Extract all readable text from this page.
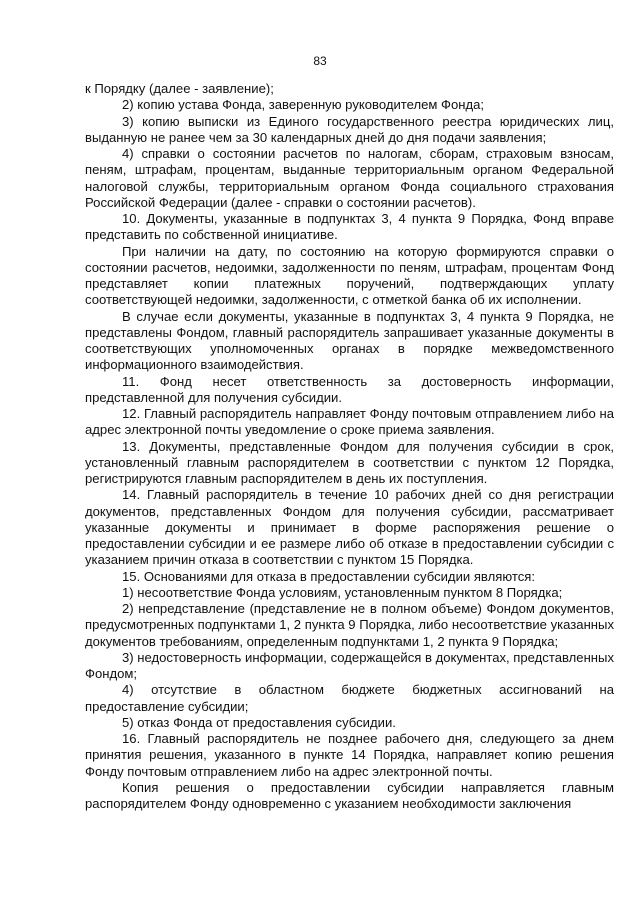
83

к Порядку (далее - заявление);

2) копию устава Фонда, заверенную руководителем Фонда;

3) копию выписки из Единого государственного реестра юридических лиц, выданную не ранее чем за 30 календарных дней до дня подачи заявления;

4) справки о состоянии расчетов по налогам, сборам, страховым взносам, пеням, штрафам, процентам, выданные территориальным органом Федеральной налоговой службы, территориальным органом Фонда социального страхования Российской Федерации (далее - справки о состоянии расчетов).

10. Документы, указанные в подпунктах 3, 4 пункта 9 Порядка, Фонд вправе представить по собственной инициативе.

При наличии на дату, по состоянию на которую формируются справки о состоянии расчетов, недоимки, задолженности по пеням, штрафам, процентам Фонд представляет копии платежных поручений, подтверждающих уплату соответствующей недоимки, задолженности, с отметкой банка об их исполнении.

В случае если документы, указанные в подпунктах 3, 4 пункта 9 Порядка, не представлены Фондом, главный распорядитель запрашивает указанные документы в соответствующих уполномоченных органах в порядке межведомственного информационного взаимодействия.

11. Фонд несет ответственность за достоверность информации, представленной для получения субсидии.

12. Главный распорядитель направляет Фонду почтовым отправлением либо на адрес электронной почты уведомление о сроке приема заявления.

13. Документы, представленные Фондом для получения субсидии в срок, установленный главным распорядителем в соответствии с пунктом 12 Порядка, регистрируются главным распорядителем в день их поступления.

14. Главный распорядитель в течение 10 рабочих дней со дня регистрации документов, представленных Фондом для получения субсидии, рассматривает указанные документы и принимает в форме распоряжения решение о предоставлении субсидии и ее размере либо об отказе в предоставлении субсидии с указанием причин отказа в соответствии с пунктом 15 Порядка.

15. Основаниями для отказа в предоставлении субсидии являются:

1) несоответствие Фонда условиям, установленным пунктом 8 Порядка;

2) непредставление (представление не в полном объеме) Фондом документов, предусмотренных подпунктами 1, 2 пункта 9 Порядка, либо несоответствие указанных документов требованиям, определенным подпунктами 1, 2 пункта 9 Порядка;

3) недостоверность информации, содержащейся в документах, представленных Фондом;

4) отсутствие в областном бюджете бюджетных ассигнований на предоставление субсидии;

5) отказ Фонда от предоставления субсидии.

16. Главный распорядитель не позднее рабочего дня, следующего за днем принятия решения, указанного в пункте 14 Порядка, направляет копию решения Фонду почтовым отправлением либо на адрес электронной почты.

Копия решения о предоставлении субсидии направляется главным распорядителем Фонду одновременно с указанием необходимости заключения
